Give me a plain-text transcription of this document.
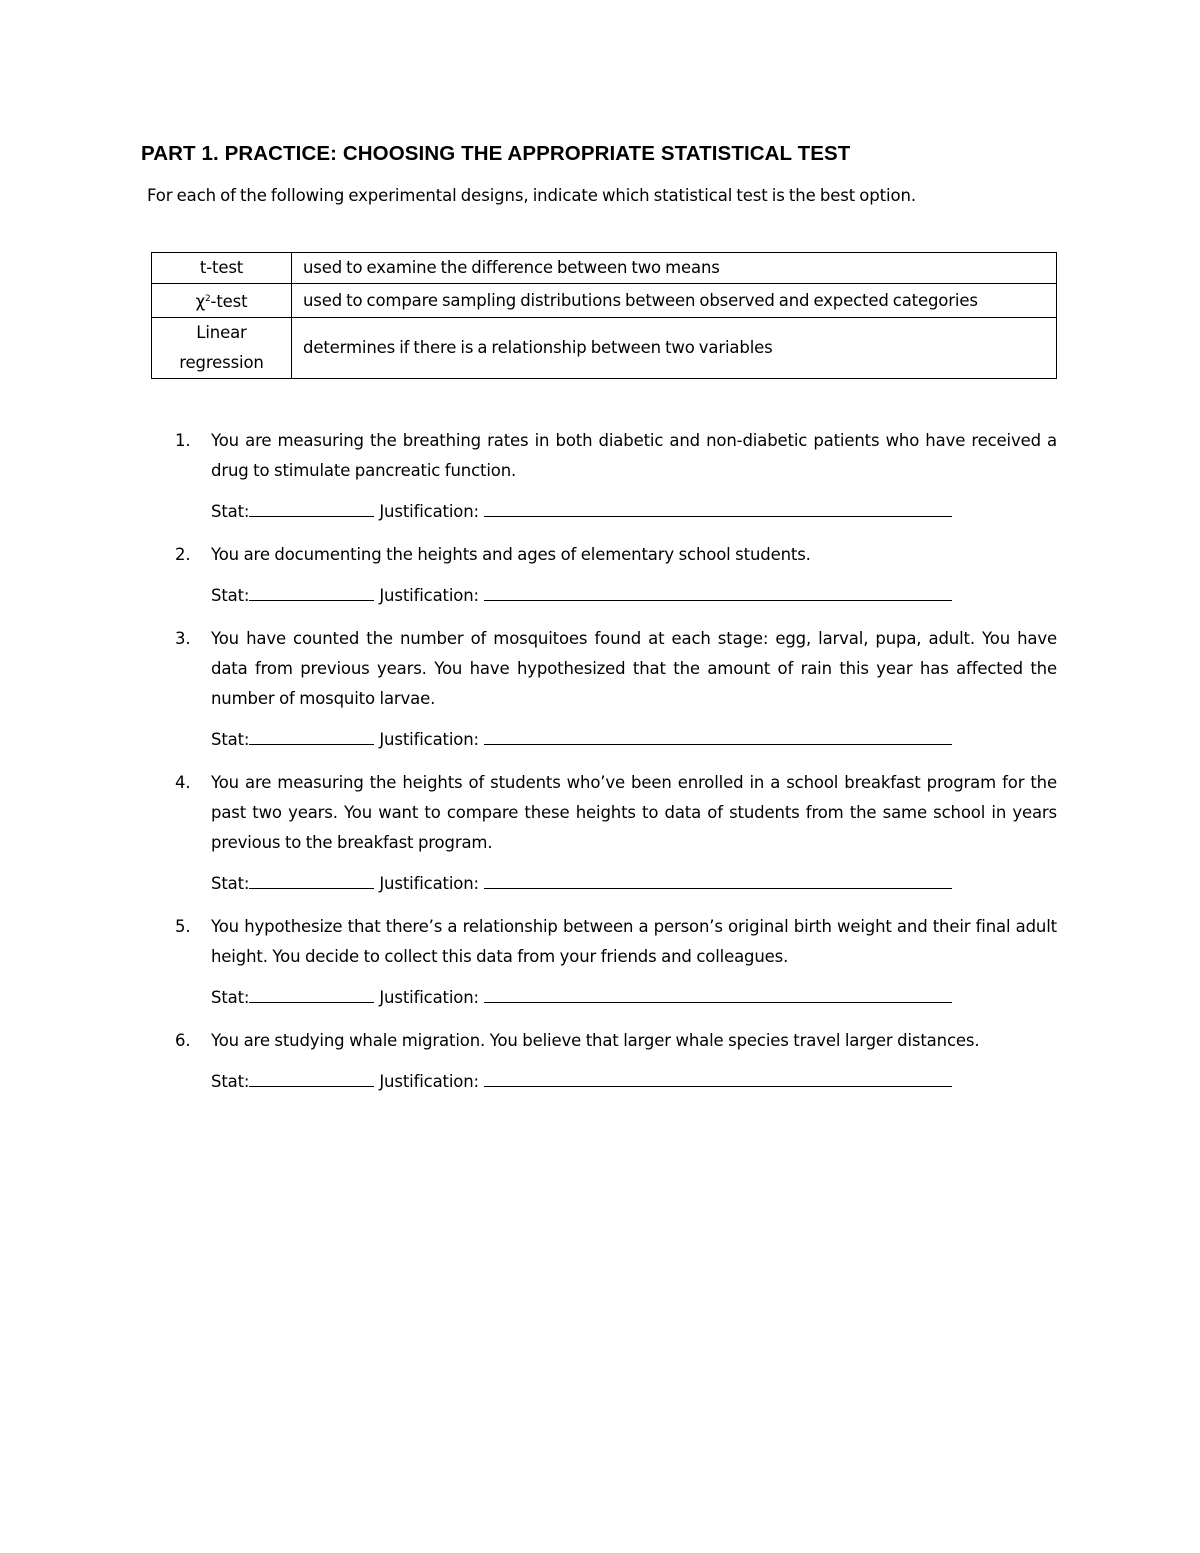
PART 1. PRACTICE: CHOOSING THE APPROPRIATE STATISTICAL TEST
For each of the following experimental designs, indicate which statistical test is the best option.
t-test	used to examine the difference between two means
$\chi^2$-test	used to compare sampling distributions between observed and expected categories
Linear
regression	determines if there is a relationship between two variables
1. You are measuring the breathing rates in both diabetic and non-diabetic patients who have received a drug to stimulate pancreatic function.
Stat:	Justification:
2. You are documenting the heights and ages of elementary school students.
Stat:	Justification:
3. You have counted the number of mosquitoes found at each stage: egg, larval, pupa, adult. You have data from previous years. You have hypothesized that the amount of rain this year has affected the number of mosquito larvae.
Stat:	Justification:
4. You are measuring the heights of students who’ve been enrolled in a school breakfast program for the past two years. You want to compare these heights to data of students from the same school in years previous to the breakfast program.
Stat:	Justification:
5. You hypothesize that there’s a relationship between a person’s original birth weight and their final adult height. You decide to collect this data from your friends and colleagues.
Stat:	Justification:
6. You are studying whale migration. You believe that larger whale species travel larger distances.
Stat:	Justification:
